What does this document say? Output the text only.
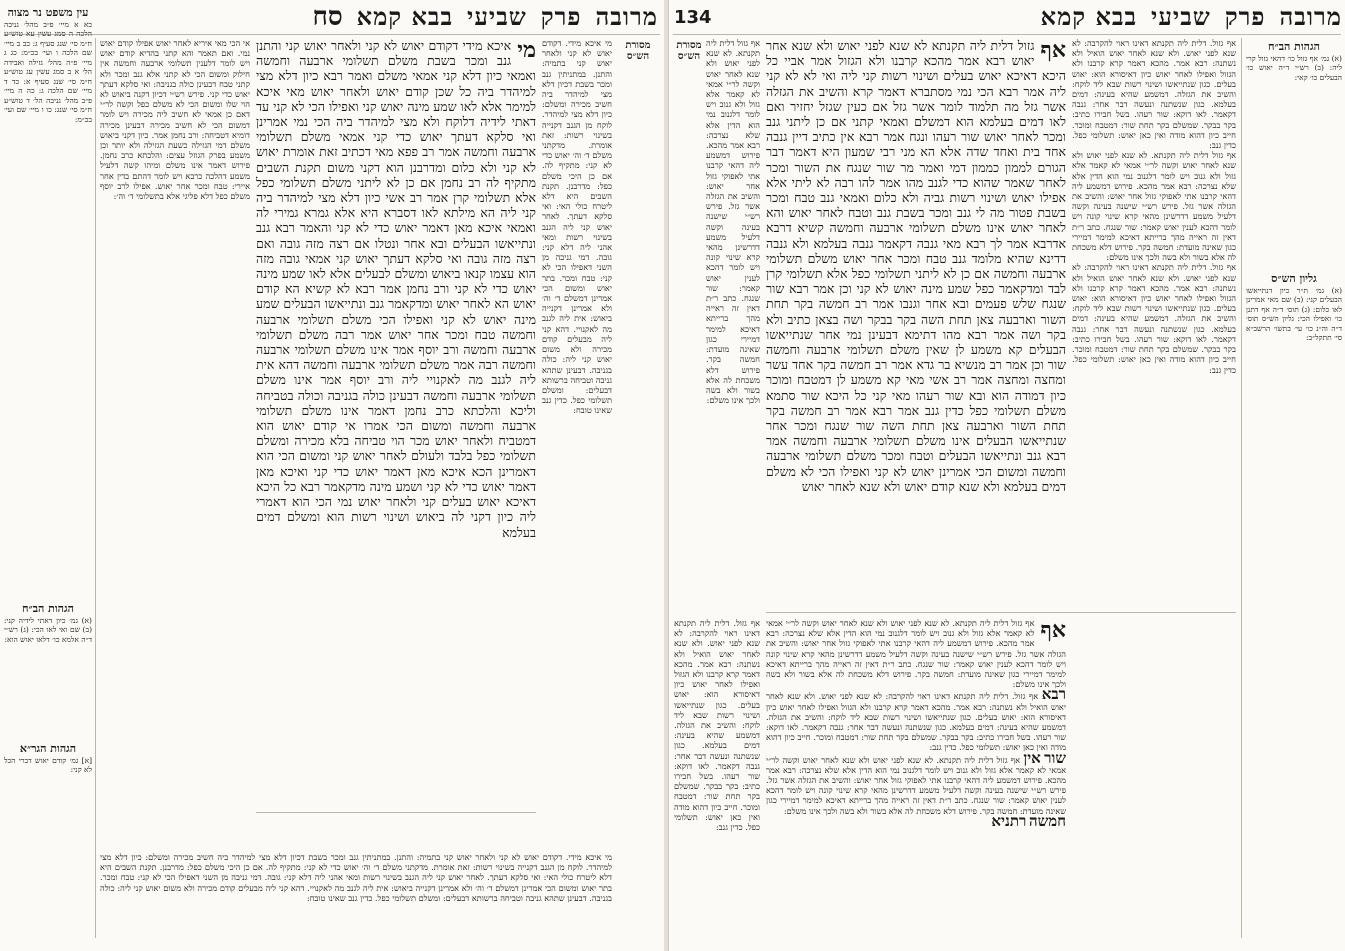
מרובה
פרק
שביעי
בבא קמא
סח
עין משפט נר מצוה
כא א מיי׳ פ״ב מהל׳ גניבה הלכה ה סמג עשין עא טוש״ע ח״מ סי׳ שנג סעיף ג: כב ב מיי׳ שם הלכה ו ועי׳ בכ״מ: כג ג מיי׳ פ״ה מהל׳ גזילה ואבידה הל׳ א ב סמג עשין עג טוש״ע ח״מ סי׳ שנג סעיף א: כד ד מיי׳ שם הלכה ג: כה ה מיי׳ פ״ב מהל׳ גניבה הל׳ ד טוש״ע ח״מ סי׳ שנג: כו ו מיי׳ שם ועי׳ בכ״מ:
הגהות הב״ח
(א) גמ׳ כיון דאתי לידיה קני: (ב) שם ואי לאו הכי: (ג) רש״י ד״ה אלמא כו׳ דלאו יאוש הוא:
הגהות הגר״א
[א] גמ׳ קודם יאוש דברי הכל לא קני:
אי הכי מאי איריא לאחר יאוש אפילו קודם יאוש נמי. ואם תאמר והא קתני בהדיא קודם יאוש ויש לומר דלענין תשלומי ארבעה וחמשה אין חילוק ומשום הכי לא קתני אלא גנב ומכר ולא קתני טבח דבעינן כולה בגניבה: ואי סלקא דעתך יאוש כדי קני. פירש רש״י דכיון דקנה ביאוש לא הוי שלו ומשום הכי לא משלם כפל וקשה לר״י דאם כן אמאי לא חשיב ליה מכירה ויש לומר דמשום הכי לא חשיב מכירה דבעינן מכירה דומיא דטביחה: ורב נחמן אמר. כיון דקני ביאוש משלם דמי הגזילה כשעת הגזילה ולא יותר וכן משמע בפרק הגוזל עצים: והלכתא כרב נחמן. פירוש דאמר אינו משלם ומיהו קשה דלעיל משמע דהלכה כרבא ויש לומר דהתם בדין אחר איירי: טבח ומכר אחר יאוש. אפילו לרב יוסף משלם כפל דלא פליגי אלא בתשלומי ד׳ וה׳:
מי
איכא מידי דקודם יאוש לא קני ולאחר יאוש קני והתנן גנב ומכר בשבת משלם תשלומי ארבעה וחמשה ואמאי כיון דלא קני אמאי משלם ואמר רבא כיון דלא מצי למיהדר ביה כל שכן קודם יאוש ולאחר יאוש מאי איכא למימר אלא לאו שמע מינה יאוש קני ואפילו הכי לא קני עד דאתי לידיה דלוקח ולא מצי למיהדר ביה הכי נמי אמרינן ואי סלקא דעתך יאוש כדי קני אמאי משלם תשלומי ארבעה וחמשה אמר רב פפא מאי דכתיב זאת אומרת יאוש לא קני ולא כלום ומדרבנן הוא דקני משום תקנת השבים מתקיף לה רב נחמן אם כן לא ליתני משלם תשלומי כפל אלא תשלומי קרן אמר רב אשי כיון דלא מצי למיהדר ביה קני ליה הא מילתא לאו דסברא היא אלא גמרא גמירי לה ואמאי איכא מאן דאמר יאוש כדי לא קני והאמר רבא גנב ונתייאשו הבעלים ובא אחר ונטלו אם רצה מזה גובה ואם רצה מזה גובה ואי סלקא דעתך יאוש קני אמאי גובה מזה הוא עצמו קנאו ביאוש ומשלם לבעלים אלא לאו שמע מינה יאוש כדי לא קני ורב נחמן אמר רבא לא קשיא הא קודם יאוש הא לאחר יאוש ומדקאמר גנב ונתייאשו הבעלים שמע מינה יאוש לא קני ואפילו הכי משלם תשלומי ארבעה וחמשה טבח ומכר אחר יאוש אמר רבה משלם תשלומי ארבעה וחמשה ורב יוסף אמר אינו משלם תשלומי ארבעה וחמשה רבה אמר משלם תשלומי ארבעה וחמשה דהא אית ליה לגנב מה לאקנויי ליה ורב יוסף אמר אינו משלם תשלומי ארבעה וחמשה דבעינן כולה בגניבה וכולה בטביחה וליכא והלכתא כרב נחמן דאמר אינו משלם תשלומי ארבעה וחמשה ומשום הכי אמרו אי קודם יאוש הוא דמטביח ולאחר יאוש מכר הוי טביחה בלא מכירה ומשלם תשלומי כפל בלבד ולעולם לאחר יאוש קני ומשום הכי הוא דאמרינן הכא איכא מאן דאמר יאוש כדי קני ואיכא מאן דאמר יאוש כדי לא קני ושמע מינה מדקאמר רבא כל היכא דאיכא יאוש בעלים קני ולאחר יאוש נמי הכי הוא דאמרי ליה כיון דקני לה ביאוש ושינוי רשות הוא ומשלם דמים בעלמא
מי איכא מידי. דקודם יאוש לא קני ולאחר יאוש קני בתמיה: והתנן. במתניתין גנב ומכר בשבת דכיון דלא מצי למיהדר ביה חשיב מכירה ומשלם: כיון דלא מצי למיהדר. לוקח מן הגנב דקנייה בשינוי רשות: זאת אומרת. מדקתני משלם ד׳ וה׳ יאוש כדי לא קני: מתקיף לה. אם כן היכי משלם כפל: מדרבנן. תקנת השבים היא דלא ליטרח כולי האי: ואי סלקא דעתך. לאחר יאוש קני ליה הגנב בשינוי רשות ומאי אהני ליה דלא קני: גובה. דמי גניבה מן השני דאפילו הכי לא קני: טבח ומכר. בתר יאוש ומשום הכי אמרינן דמשלם ד׳ וה׳ ולא אמרינן דקנייה ביאוש: אית ליה לגנב מה לאקנויי. דהא קני ליה מבעלים קודם מכירה ולא משום יאוש קני ליה: כולה בגניבה. דבעינן שתהא גניבה וטביחה ברשותא דבעלים: ומשלם תשלומי כפל. כדין גנב שאינו טובח:
מסורת הש״ס
מי איכא מידי. דקודם יאוש לא קני ולאחר יאוש קני בתמיה: והתנן. במתניתין גנב ומכר בשבת דכיון דלא מצי למיהדר ביה חשיב מכירה ומשלם: כיון דלא מצי למיהדר. לוקח מן הגנב דקנייה בשינוי רשות: זאת אומרת. מדקתני משלם ד׳ וה׳ יאוש כדי לא קני: מתקיף לה. אם כן היכי משלם כפל: מדרבנן. תקנת השבים היא דלא ליטרח כולי האי: ואי סלקא דעתך. לאחר יאוש קני ליה הגנב בשינוי רשות ומאי אהני ליה דלא קני: גובה. דמי גניבה מן השני דאפילו הכי לא קני: טבח ומכר. בתר יאוש ומשום הכי אמרינן דמשלם ד׳ וה׳ ולא אמרינן דקנייה ביאוש: אית ליה לגנב מה לאקנויי. דהא קני ליה מבעלים קודם מכירה ולא משום יאוש קני ליה: כולה בגניבה. דבעינן שתהא גניבה וטביחה ברשותא דבעלים: ומשלם תשלומי כפל. כדין גנב שאינו טובח:
מרובה
פרק
שביעי
בבא קמא
134
מסורת הש״ס	אף
גזול דלית ליה תקנתא לא שנא לפני יאוש ולא שנא אחר יאוש רבא אמר מהכא קרבנו ולא הגזול אמר אביי כל היכא דאיכא יאוש בעלים ושינוי רשות קני ליה ואי לא לא קני ליה אמר רבא הכי נמי מסתברא דאמר קרא והשיב את הגזלה אשר גזל מה תלמוד לומר אשר גזל אם כעין שגזל יחזיר ואם לאו דמים בעלמא הוא דמשלם ואמאי קתני אם כן ליתני גנב ומכר לאחר יאוש שור רעהו ונגח אמר רבא אין כתיב דיין גנבה אחד בית ואחד שדה אלא הא מני רבי שמעון היא דאמר דבר הגורם לממון כממון דמי ואמר מר שור שנגח את השור ומכר לאחר שאמר שהוא כדי לגנב מהו אמר להו רבה לא ליתי אלא אפילו יאוש ושינוי רשות גביה ולא כלום ואמאי גנב טבח ומכר בשבת פטור מה לי גנב ומכר בשבת גנב וטבח לאחר יאוש והא לאחר יאוש אינו משלם תשלומי ארבעה וחמשה קשיא דרבא אדרבא אמר לך רבא מאי גנבה דקאמר גנבה בעלמא ולא גנבה דדינא שהיא מלומד גנב טבח ומכר אחר יאוש משלם תשלומי ארבעה וחמשה אם כן לא ליתני תשלומי כפל אלא תשלומי קרן לבד ומדקאמר כפל שמע מינה יאוש לא קני וכן אמר רבא שור שנגח שלש פעמים ובא אחר וגנבו אמר רב חמשה בקר תחת השור וארבעה צאן תחת השה בקר בבקר ושה בצאן כתיב ולא בקר ושה אמר רבא מהו דתימא דבעינן נמי אחר שנתייאשו הבעלים קא משמע לן שאין משלם תשלומי ארבעה וחמשה שור וכן אמר רב מנשיא בר גדא אמר רב חמשה בקר אחד עשר ומחצה ומחצה אמר רב אשי מאי קא משמע לן דמטבח ומוכר כיון דמודה הוא ובא שור רעהו מאי קני כל היכא שור סתמא משלם תשלומי כפל כדין גנב אמר רבא אמר רב חמשה בקר תחת השור וארבעה צאן תחת השה שור שנגח ומכר אחר שנתייאשו הבעלים אינו משלם תשלומי ארבעה וחמשה אמר רבא גנב ונתייאשו הבעלים וטבח ומכר משלם תשלומי ארבעה וחמשה ומשום הכי אמרינן יאוש לא קני ואפילו הכי לא משלם דמים בעלמא ולא שנא קודם יאוש ולא שנא לאחר יאוש
אף גזול דלית ליה תקנתא. לא שנא לפני יאוש ולא שנא לאחר יאוש וקשה לר״י אמאי לא קאמר אלא גזול ולא גנוב ויש לומר דלגנוב נמי הוא הדין אלא שלא נצרכה: רבא אמר מהכא. פירוש דמשמע ליה דהאי קרבנו אתי לאפוקי גזול אחר יאוש: והשיב את הגזלה אשר גזל. פירש רש״י שישנה בעינה וקשה דלעיל משמע דדרשינן מהאי קרא שינוי קונה ויש לומר דהכא לענין יאוש קאמר: שור שנגח. כתב ר״ת דאין זה ראייה מהך ברייתא דאיכא למימר דמיירי כגון שאינה מועדת: חמשה בקר. פירוש דלא משכחת לה אלא בשור ולא בשה ולכך אינו משלם:
אף גזול. דלית ליה תקנתא דאינו ראוי להקרבה: לא שנא לפני יאוש. ולא שנא לאחר יאוש הואיל ולא נשתנה: רבא אמר. מהכא דאמר קרא קרבנו ולא הגזול ואפילו לאחר יאוש כיון דאיסורא הוא: יאוש בעלים. כגון שנתייאשו ושינוי רשות שבא ליד לוקח: והשיב את הגזלה. דמשמע שהיא בעינה: דמים בעלמא. כגון שנשתנה ונעשה דבר אחר: גנבה דקאמר. לאו דוקא: שור רעהו. בשל חבירו כתיב: בקר בבקר. שמשלם בקר תחת שור: דמטבח ומוכר. חייב כיון דהוא מודה ואין כאן יאוש: תשלומי כפל. כדין גנב:
אף גזול דלית ליה תקנתא. לא שנא לפני יאוש ולא שנא לאחר יאוש וקשה לר״י אמאי לא קאמר אלא גזול ולא גנוב ויש לומר דלגנוב נמי הוא הדין אלא שלא נצרכה: רבא אמר מהכא. פירוש דמשמע ליה דהאי קרבנו אתי לאפוקי גזול אחר יאוש: והשיב את הגזלה אשר גזל. פירש רש״י שישנה בעינה וקשה דלעיל משמע דדרשינן מהאי קרא שינוי קונה ויש לומר דהכא לענין יאוש קאמר: שור שנגח. כתב ר״ת דאין זה ראייה מהך ברייתא דאיכא למימר דמיירי כגון שאינה מועדת: חמשה בקר. פירוש דלא משכחת לה אלא בשור ולא בשה ולכך אינו משלם:
אף גזול. דלית ליה תקנתא דאינו ראוי להקרבה: לא שנא לפני יאוש. ולא שנא לאחר יאוש הואיל ולא נשתנה: רבא אמר. מהכא דאמר קרא קרבנו ולא הגזול ואפילו לאחר יאוש כיון דאיסורא הוא: יאוש בעלים. כגון שנתייאשו ושינוי רשות שבא ליד לוקח: והשיב את הגזלה. דמשמע שהיא בעינה: דמים בעלמא. כגון שנשתנה ונעשה דבר אחר: גנבה דקאמר. לאו דוקא: שור רעהו. בשל חבירו כתיב: בקר בבקר. שמשלם בקר תחת שור: דמטבח ומוכר. חייב כיון דהוא מודה ואין כאן יאוש: תשלומי כפל. כדין גנב:
הגהות הב״ח
(א) גמ׳ אף גזול כו׳ דהאי גזול קרי ליה: (ב) רש״י ד״ה יאוש כו׳ הבעלים כו׳ קאי:
גליון הש״ס
(א) גמ׳ ת״ר כיון דנתייאשו הבעלים קני: (ב) שם מאי אמרינן לאו כלום: (ג) תוס׳ ד״ה אף דתנן כו׳ ואפילו הכי: גליון הש״ס תוס׳ ד״ה וה״נ כו׳ עי׳ בתשו׳ הרשב״א סי׳ תתקל״ב:
אף
אף גזול דלית ליה תקנתא. לא שנא לפני יאוש ולא שנא לאחר יאוש וקשה לר״י אמאי לא קאמר אלא גזול ולא גנוב ויש לומר דלגנוב נמי הוא הדין אלא שלא נצרכה: רבא אמר מהכא. פירוש דמשמע ליה דהאי קרבנו אתי לאפוקי גזול אחר יאוש: והשיב את הגזלה אשר גזל. פירש רש״י שישנה בעינה וקשה דלעיל משמע דדרשינן מהאי קרא שינוי קונה ויש לומר דהכא לענין יאוש קאמר: שור שנגח. כתב ר״ת דאין זה ראייה מהך ברייתא דאיכא למימר דמיירי כגון שאינה מועדת: חמשה בקר. פירוש דלא משכחת לה אלא בשור ולא בשה ולכך אינו משלם:
רבא אף גזול. דלית ליה תקנתא דאינו ראוי להקרבה: לא שנא לפני יאוש. ולא שנא לאחר יאוש הואיל ולא נשתנה: רבא אמר. מהכא דאמר קרא קרבנו ולא הגזול ואפילו לאחר יאוש כיון דאיסורא הוא: יאוש בעלים. כגון שנתייאשו ושינוי רשות שבא ליד לוקח: והשיב את הגזלה. דמשמע שהיא בעינה: דמים בעלמא. כגון שנשתנה ונעשה דבר אחר: גנבה דקאמר. לאו דוקא: שור רעהו. בשל חבירו כתיב: בקר בבקר. שמשלם בקר תחת שור: דמטבח ומוכר. חייב כיון דהוא מודה ואין כאן יאוש: תשלומי כפל. כדין גנב:
שור אין אף גזול דלית ליה תקנתא. לא שנא לפני יאוש ולא שנא לאחר יאוש וקשה לר״י אמאי לא קאמר אלא גזול ולא גנוב ויש לומר דלגנוב נמי הוא הדין אלא שלא נצרכה: רבא אמר מהכא. פירוש דמשמע ליה דהאי קרבנו אתי לאפוקי גזול אחר יאוש: והשיב את הגזלה אשר גזל. פירש רש״י שישנה בעינה וקשה דלעיל משמע דדרשינן מהאי קרא שינוי קונה ויש לומר דהכא לענין יאוש קאמר: שור שנגח. כתב ר״ת דאין זה ראייה מהך ברייתא דאיכא למימר דמיירי כגון שאינה מועדת: חמשה בקר. פירוש דלא משכחת לה אלא בשור ולא בשה ולכך אינו משלם:
חמשה רתניא
אף גזול. דלית ליה תקנתא דאינו ראוי להקרבה: לא שנא לפני יאוש. ולא שנא לאחר יאוש הואיל ולא נשתנה: רבא אמר. מהכא דאמר קרא קרבנו ולא הגזול ואפילו לאחר יאוש כיון דאיסורא הוא: יאוש בעלים. כגון שנתייאשו ושינוי רשות שבא ליד לוקח: והשיב את הגזלה. דמשמע שהיא בעינה: דמים בעלמא. כגון שנשתנה ונעשה דבר אחר: גנבה דקאמר. לאו דוקא: שור רעהו. בשל חבירו כתיב: בקר בבקר. שמשלם בקר תחת שור: דמטבח ומוכר. חייב כיון דהוא מודה ואין כאן יאוש: תשלומי כפל. כדין גנב:
